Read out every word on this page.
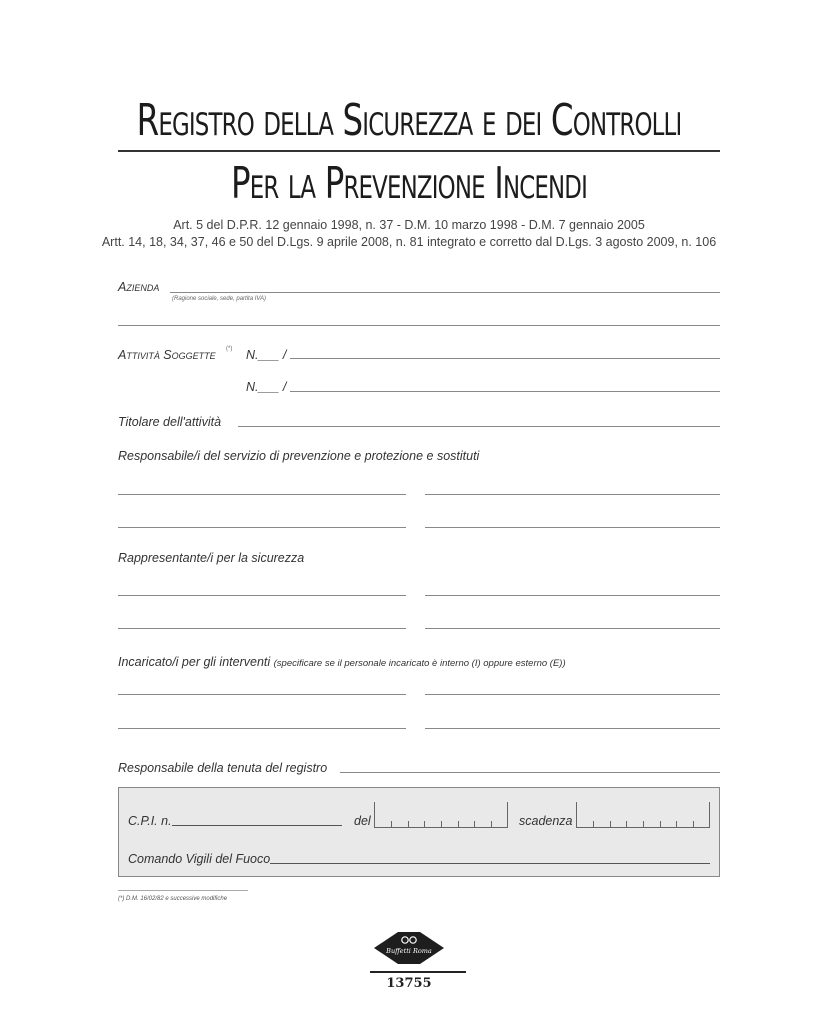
Registro della Sicurezza e dei Controlli
Per la Prevenzione Incendi
Art. 5 del D.P.R. 12 gennaio 1998, n. 37 - D.M. 10 marzo 1998 - D.M. 7 gennaio 2005
Artt. 14, 18, 34, 37, 46 e 50 del D.Lgs. 9 aprile 2008, n. 81 integrato e corretto dal D.Lgs. 3 agosto 2009, n. 106
Azienda
(Ragione sociale, sede, partita IVA)
Attività Soggette (*) N.___ /
N.___ /
Titolare dell'attività
Responsabile/i del servizio di prevenzione e protezione e sostituti
Rappresentante/i per la sicurezza
Incaricato/i per gli interventi (specificare se il personale incaricato è interno (I) oppure esterno (E))
Responsabile della tenuta del registro
C.P.I. n.	del	scadenza
Comando Vigili del Fuoco
(*) D.M. 16/02/82 e successive modifiche
Buffetti Roma
13755
